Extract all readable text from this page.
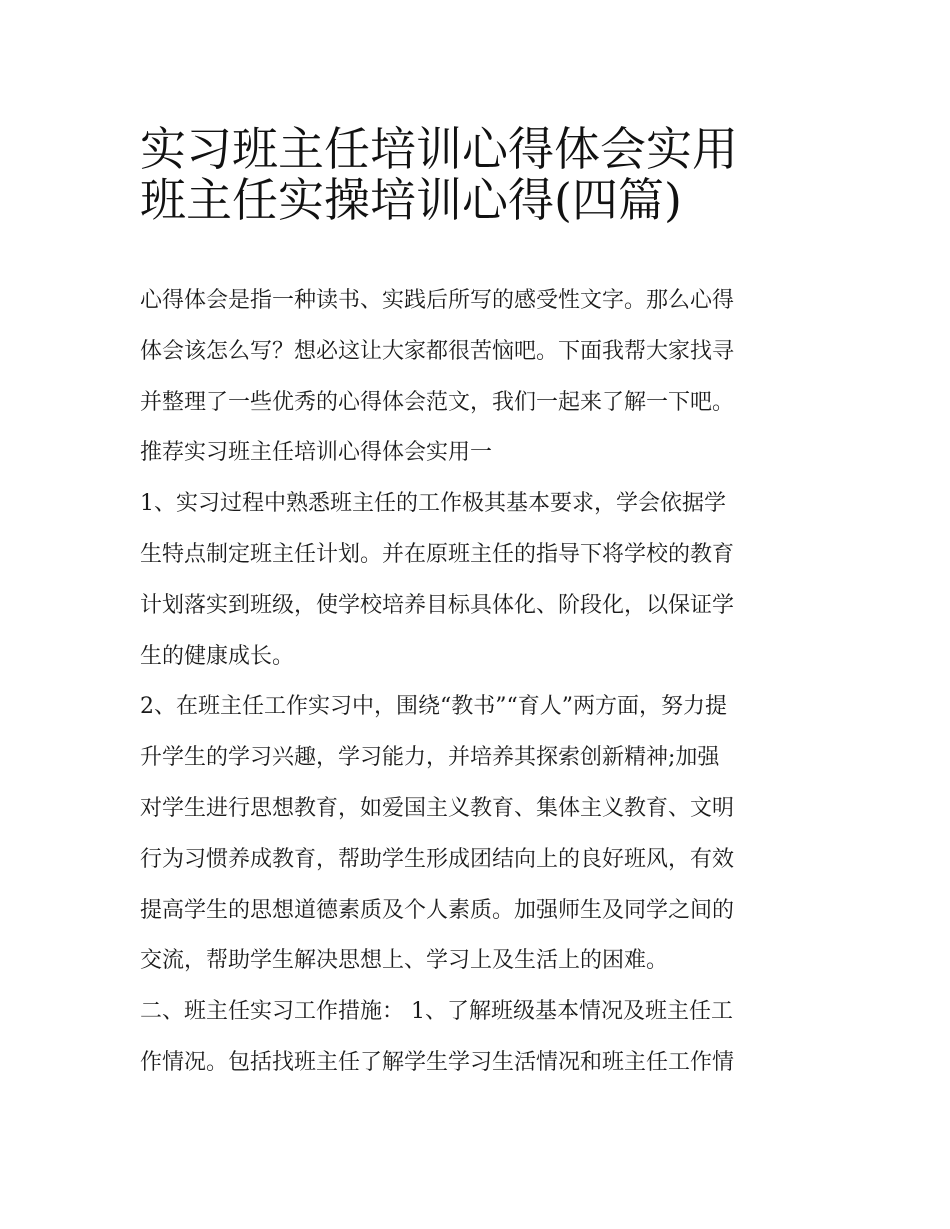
实习班主任培训心得体会实用
班主任实操培训心得(四篇)
心得体会是指一种读书、实践后所写的感受性文字。那么心得
体会该怎么写？想必这让大家都很苦恼吧。下面我帮大家找寻
并整理了一些优秀的心得体会范文，我们一起来了解一下吧。
推荐实习班主任培训心得体会实用一
1、实习过程中熟悉班主任的工作极其基本要求，学会依据学
生特点制定班主任计划。并在原班主任的指导下将学校的教育
计划落实到班级，使学校培养目标具体化、阶段化，以保证学
生的健康成长。
2、在班主任工作实习中，围绕“教书”“育人”两方面，努力提
升学生的学习兴趣，学习能力，并培养其探索创新精神;加强
对学生进行思想教育，如爱国主义教育、集体主义教育、文明
行为习惯养成教育，帮助学生形成团结向上的良好班风，有效
提高学生的思想道德素质及个人素质。加强师生及同学之间的
交流，帮助学生解决思想上、学习上及生活上的困难。
二、班主任实习工作措施： 1、了解班级基本情况及班主任工
作情况。包括找班主任了解学生学习生活情况和班主任工作情
